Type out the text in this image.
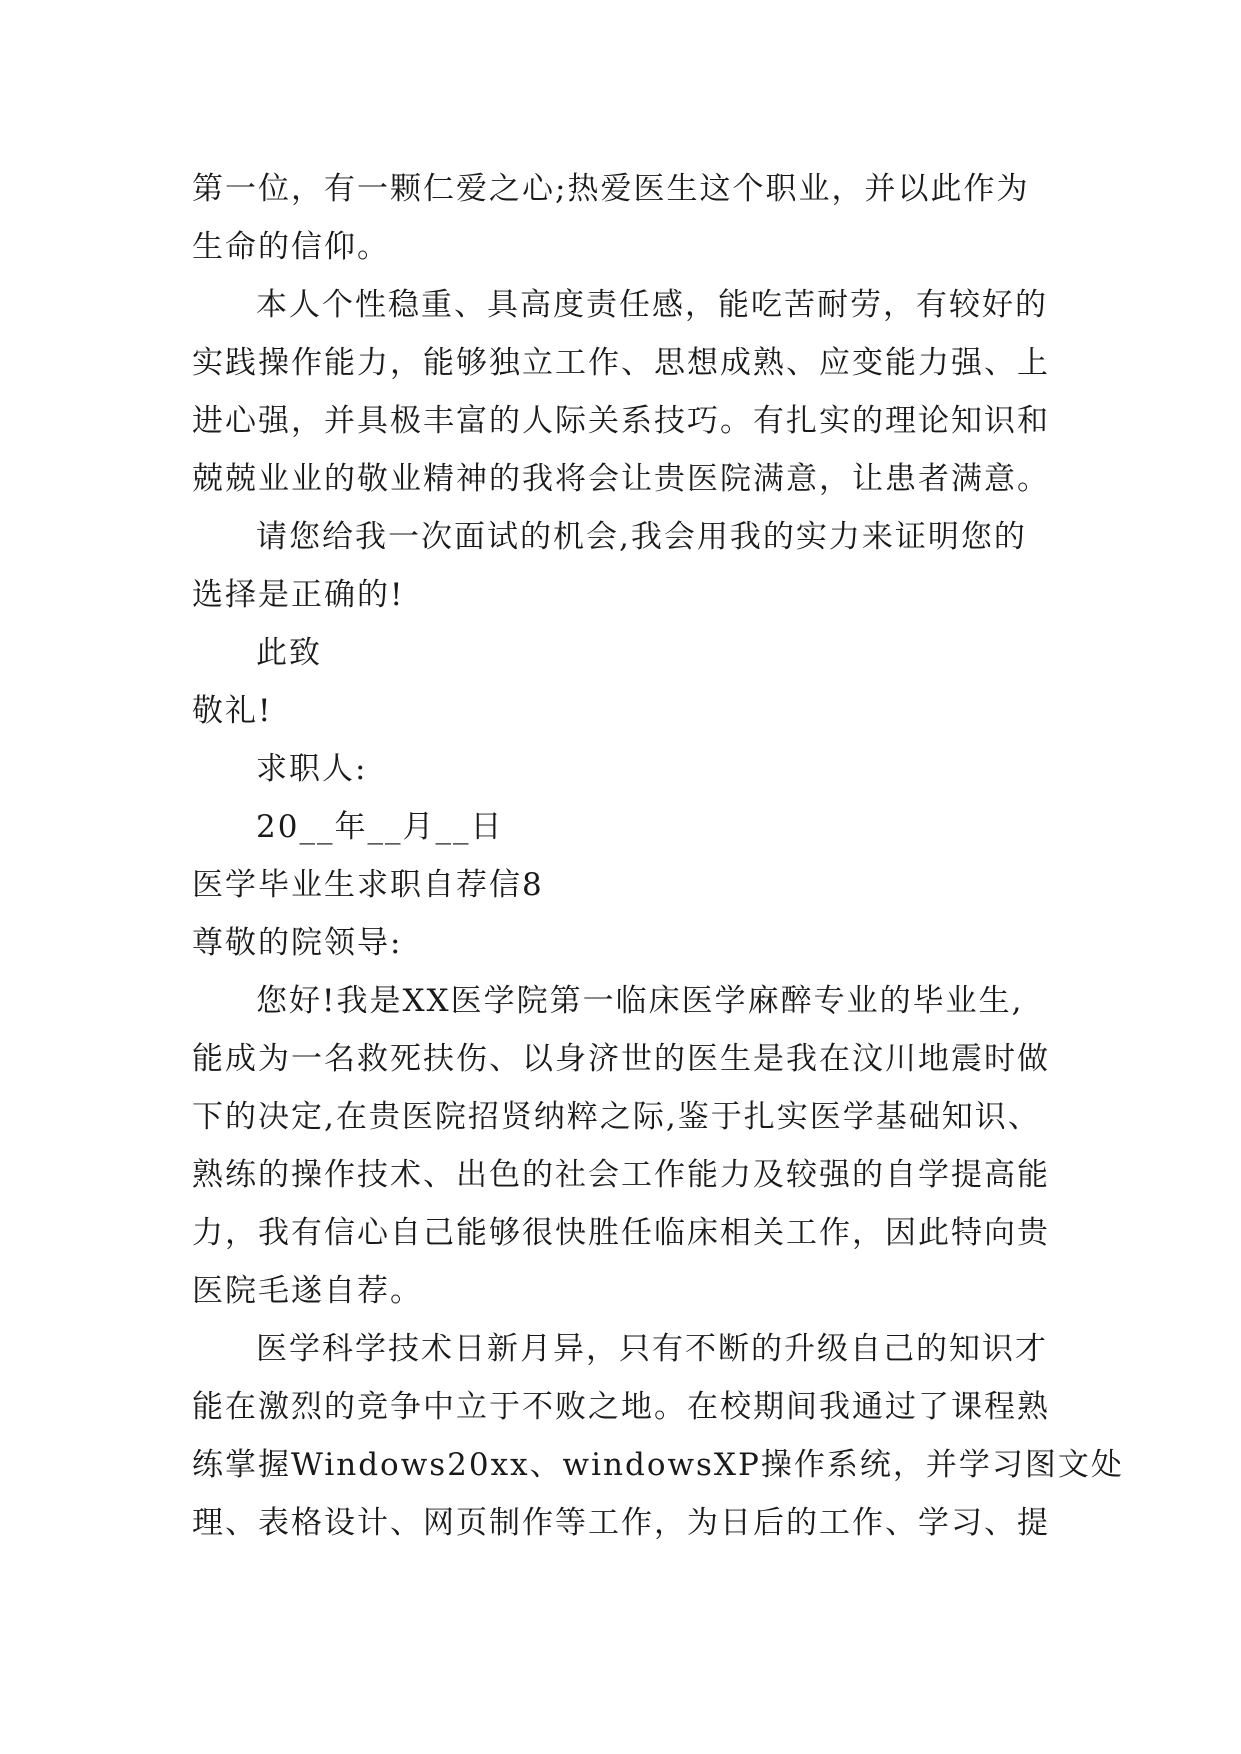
第一位，有一颗仁爱之心;热爱医生这个职业，并以此作为
生命的信仰。
本人个性稳重、具高度责任感，能吃苦耐劳，有较好的
实践操作能力，能够独立工作、思想成熟、应变能力强、上
进心强，并具极丰富的人际关系技巧。有扎实的理论知识和
兢兢业业的敬业精神的我将会让贵医院满意，让患者满意。
请您给我一次面试的机会,我会用我的实力来证明您的
选择是正确的!
此致
敬礼!
求职人:
20__年__月__日
医学毕业生求职自荐信8
尊敬的院领导:
您好!我是XX医学院第一临床医学麻醉专业的毕业生,
能成为一名救死扶伤、以身济世的医生是我在汶川地震时做
下的决定,在贵医院招贤纳粹之际,鉴于扎实医学基础知识、
熟练的操作技术、出色的社会工作能力及较强的自学提高能
力，我有信心自己能够很快胜任临床相关工作，因此特向贵
医院毛遂自荐。
医学科学技术日新月异，只有不断的升级自己的知识才
能在激烈的竞争中立于不败之地。在校期间我通过了课程熟
练掌握Windows20xx、windowsXP操作系统，并学习图文处
理、表格设计、网页制作等工作，为日后的工作、学习、提
